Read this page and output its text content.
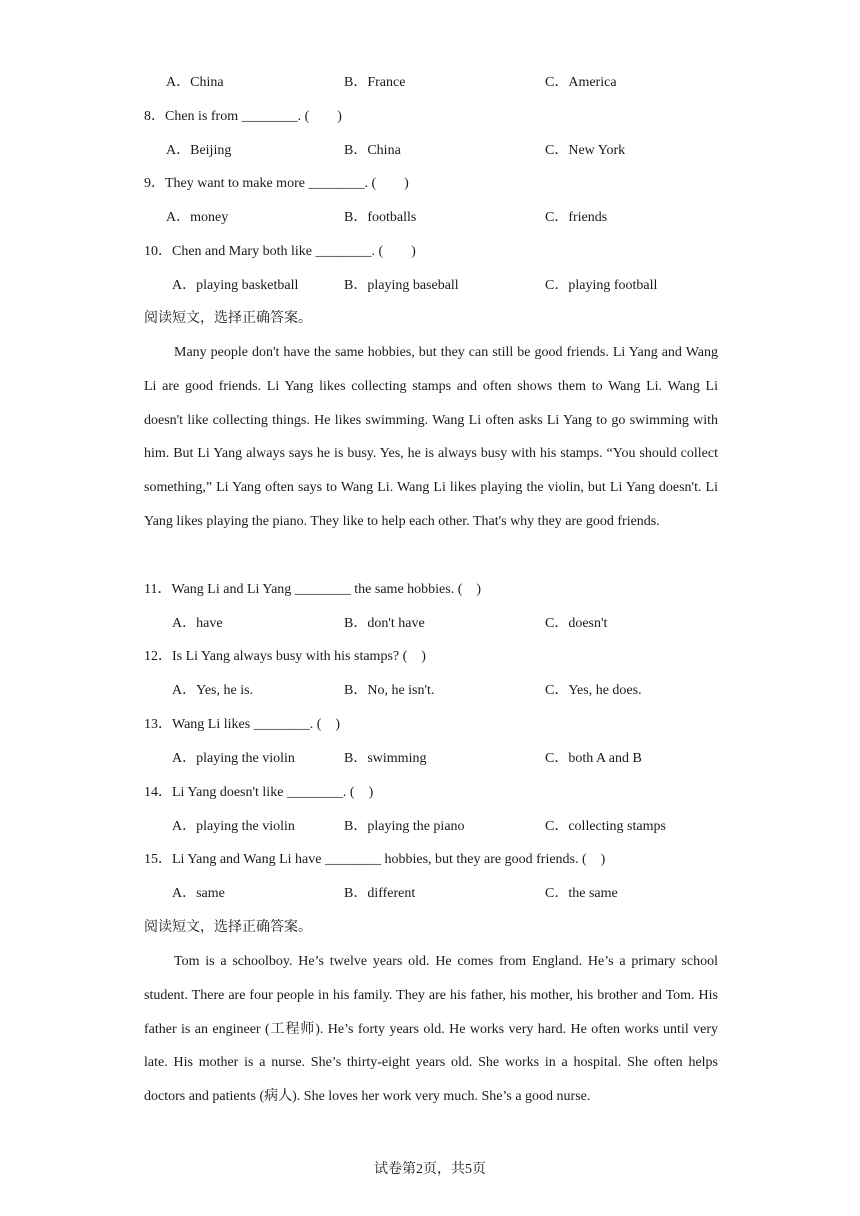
A．China	B．France	C．America
8．Chen is from ________. (　　)
A．Beijing	B．China	C．New York
9．They want to make more ________. (　　)
A．money	B．footballs	C．friends
10．Chen and Mary both like ________. (　　)
A．playing basketball	B．playing baseball	C．playing football
阅读短文，选择正确答案。

Many people don't have the same hobbies, but they can still be good friends. Li Yang and Wang Li are good friends. Li Yang likes collecting stamps and often shows them to Wang Li. Wang Li doesn't like collecting things. He likes swimming. Wang Li often asks Li Yang to go swimming with him. But Li Yang always says he is busy. Yes, he is always busy with his stamps. “You should collect something,” Li Yang often says to Wang Li. Wang Li likes playing the violin, but Li Yang doesn't. Li Yang likes playing the piano. They like to help each other. That's why they are good friends.

11．Wang Li and Li Yang ________ the same hobbies. (　)
A．have	B．don't have	C．doesn't
12．Is Li Yang always busy with his stamps? (　)
A．Yes, he is.	B．No, he isn't.	C．Yes, he does.
13．Wang Li likes ________. (　)
A．playing the violin	B．swimming	C．both A and B
14．Li Yang doesn't like ________. (　)
A．playing the violin	B．playing the piano	C．collecting stamps
15．Li Yang and Wang Li have ________ hobbies, but they are good friends. (　)
A．same	B．different	C．the same
阅读短文，选择正确答案。

Tom is a schoolboy. He’s twelve years old. He comes from England. He’s a primary school student. There are four people in his family. They are his father, his mother, his brother and Tom. His father is an engineer (工程师). He’s forty years old. He works very hard. He often works until very late. His mother is a nurse. She’s thirty-eight years old. She works in a hospital. She often helps doctors and patients (病人). She loves her work very much. She’s a good nurse.

试卷第2页，共5页
